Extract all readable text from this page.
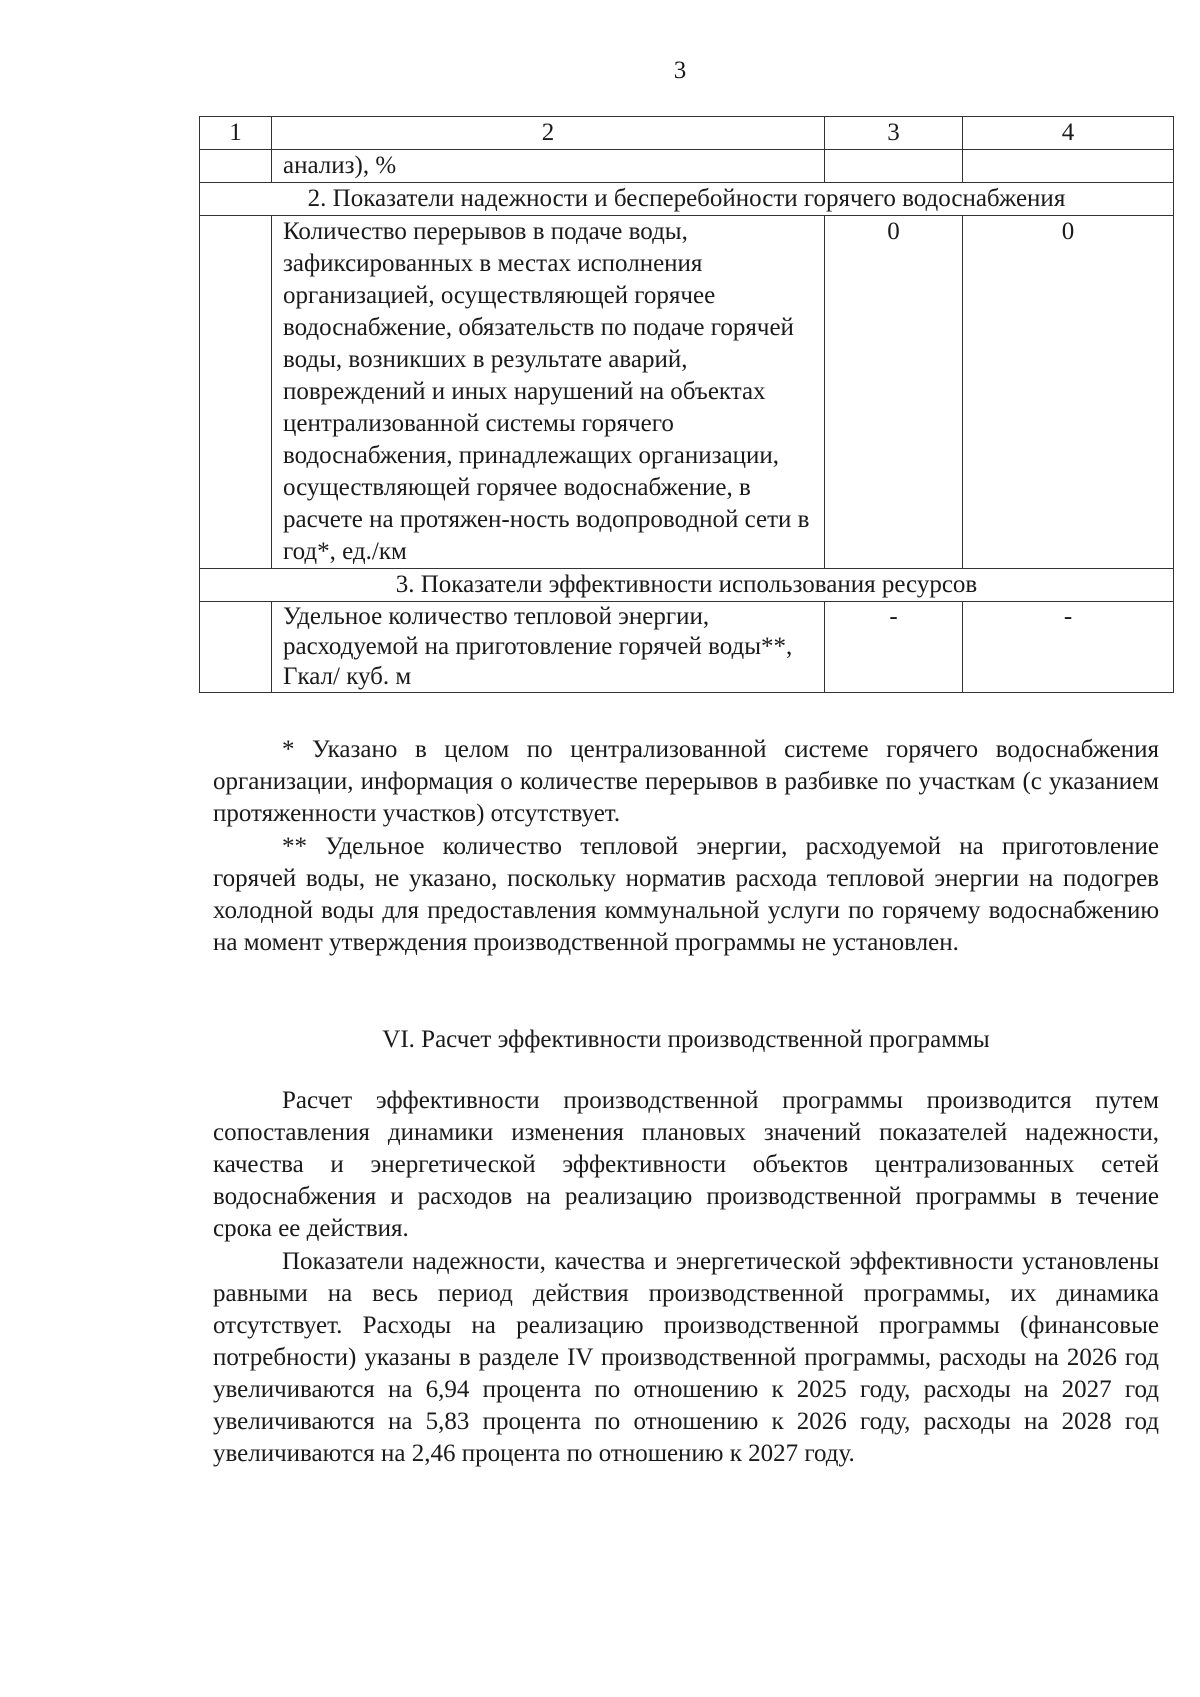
3
1	2	3	4
	анализ), %		
2. Показатели надежности и бесперебойности горячего водоснабжения			
	Количество перерывов в подаче воды, зафиксированных в местах исполнения организацией, осуществляющей горячее водоснабжение, обязательств по подаче горячей воды, возникших в результате аварий, повреждений и иных нарушений на объектах централизованной системы горячего водоснабжения, принадлежащих организации, осуществляющей горячее водоснабжение, в расчете на протяжен-ность водопроводной сети в год*, ед./км	0	0
3. Показатели эффективности использования ресурсов			
	Удельное количество тепловой энергии, расходуемой на приготовление горячей воды**, Гкал/ куб. м	-	-

* Указано в целом по централизованной системе горячего водоснабжения организации, информация о количестве перерывов в разбивке по участкам (с указанием протяженности участков) отсутствует.

** Удельное количество тепловой энергии, расходуемой на приготовление горячей воды, не указано, поскольку норматив расхода тепловой энергии на подогрев холодной воды для предоставления коммунальной услуги по горячему водоснабжению на момент утверждения производственной программы не установлен.

VI. Расчет эффективности производственной программы

Расчет эффективности производственной программы производится путем сопоставления динамики изменения плановых значений показателей надежности, качества и энергетической эффективности объектов централизованных сетей водоснабжения и расходов на реализацию производственной программы в течение срока ее действия.

Показатели надежности, качества и энергетической эффективности установлены равными на весь период действия производственной программы, их динамика отсутствует. Расходы на реализацию производственной программы (финансовые потребности) указаны в разделе IV производственной программы, расходы на 2026 год увеличиваются на 6,94 процента по отношению к 2025 году, расходы на 2027 год увеличиваются на 5,83 процента по отношению к 2026 году, расходы на 2028 год увеличиваются на 2,46 процента по отношению к 2027 году.
